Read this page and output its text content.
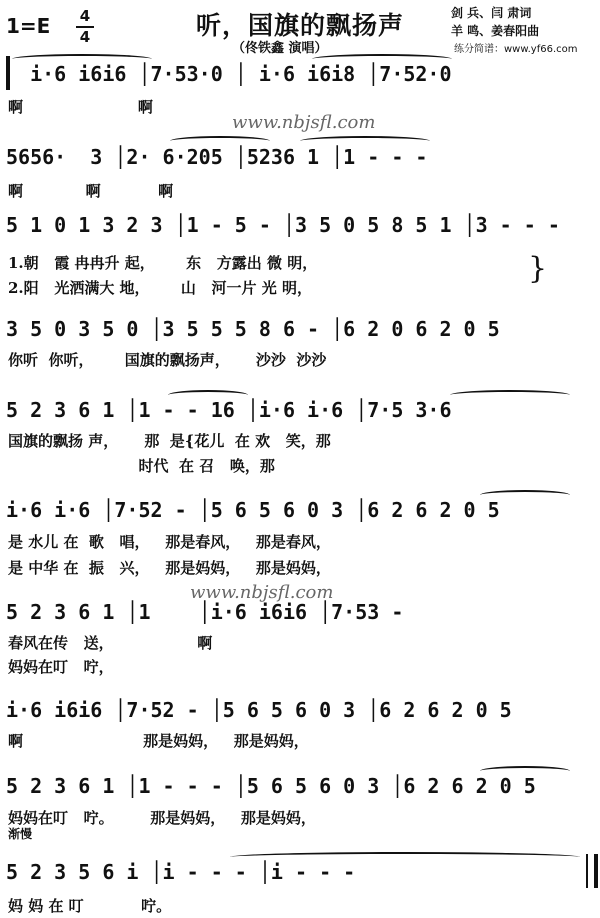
1=E 4
4	听，国旗的飘扬声
（佟铁鑫 演唱）
剑 兵、闫 肃词
羊 鸣、姜春阳曲
练分简谱：www.yf66.com
www.nbjsfl.com
www.nbjsfl.com
i·6 i6i6 │7·53·0 │ i·6 i6i8 │7·52·0
啊                      啊
5656·  3 │2· 6·205 │5236 1 │1 - - -
啊            啊           啊
5 1 0 1 3 2 3 │1 - 5 - │3 5 0 5 8 5 1 │3 - - -
1.朝   霞 冉冉升 起，      东   方露出 微 明，
2.阳   光洒满大 地，      山   河一片 光 明，
}
3 5 0 3 5 0 │3 5 5 5 8 6 - │6 2 0 6 2 0 5
你听  你听，      国旗的飘扬声，     沙沙  沙沙
5 2 3 6 1 │1 - - 16 │i·6 i·6 │7·5 3·6
国旗的飘扬 声，     那  是{花儿  在 欢   笑，那
时代  在 召   唤，那
i·6 i·6 │7·52 - │5 6 5 6 0 3 │6 2 6 2 0 5
是 水儿 在  歌   唱，   那是春风，   那是春风，
是 中华 在  振   兴，   那是妈妈，   那是妈妈，
5 2 3 6 1 │1    │i·6 i6i6 │7·53 -
春风在传   送，                啊
妈妈在叮   咛，
i·6 i6i6 │7·52 - │5 6 5 6 0 3 │6 2 6 2 0 5
啊                       那是妈妈，   那是妈妈，
5 2 3 6 1 │1 - - - │5 6 5 6 0 3 │6 2 6 2 0 5
妈妈在叮   咛。       那是妈妈，   那是妈妈，
渐慢
5 2 3 5 6 i │i - - - │i - - -
妈 妈 在 叮           咛。
